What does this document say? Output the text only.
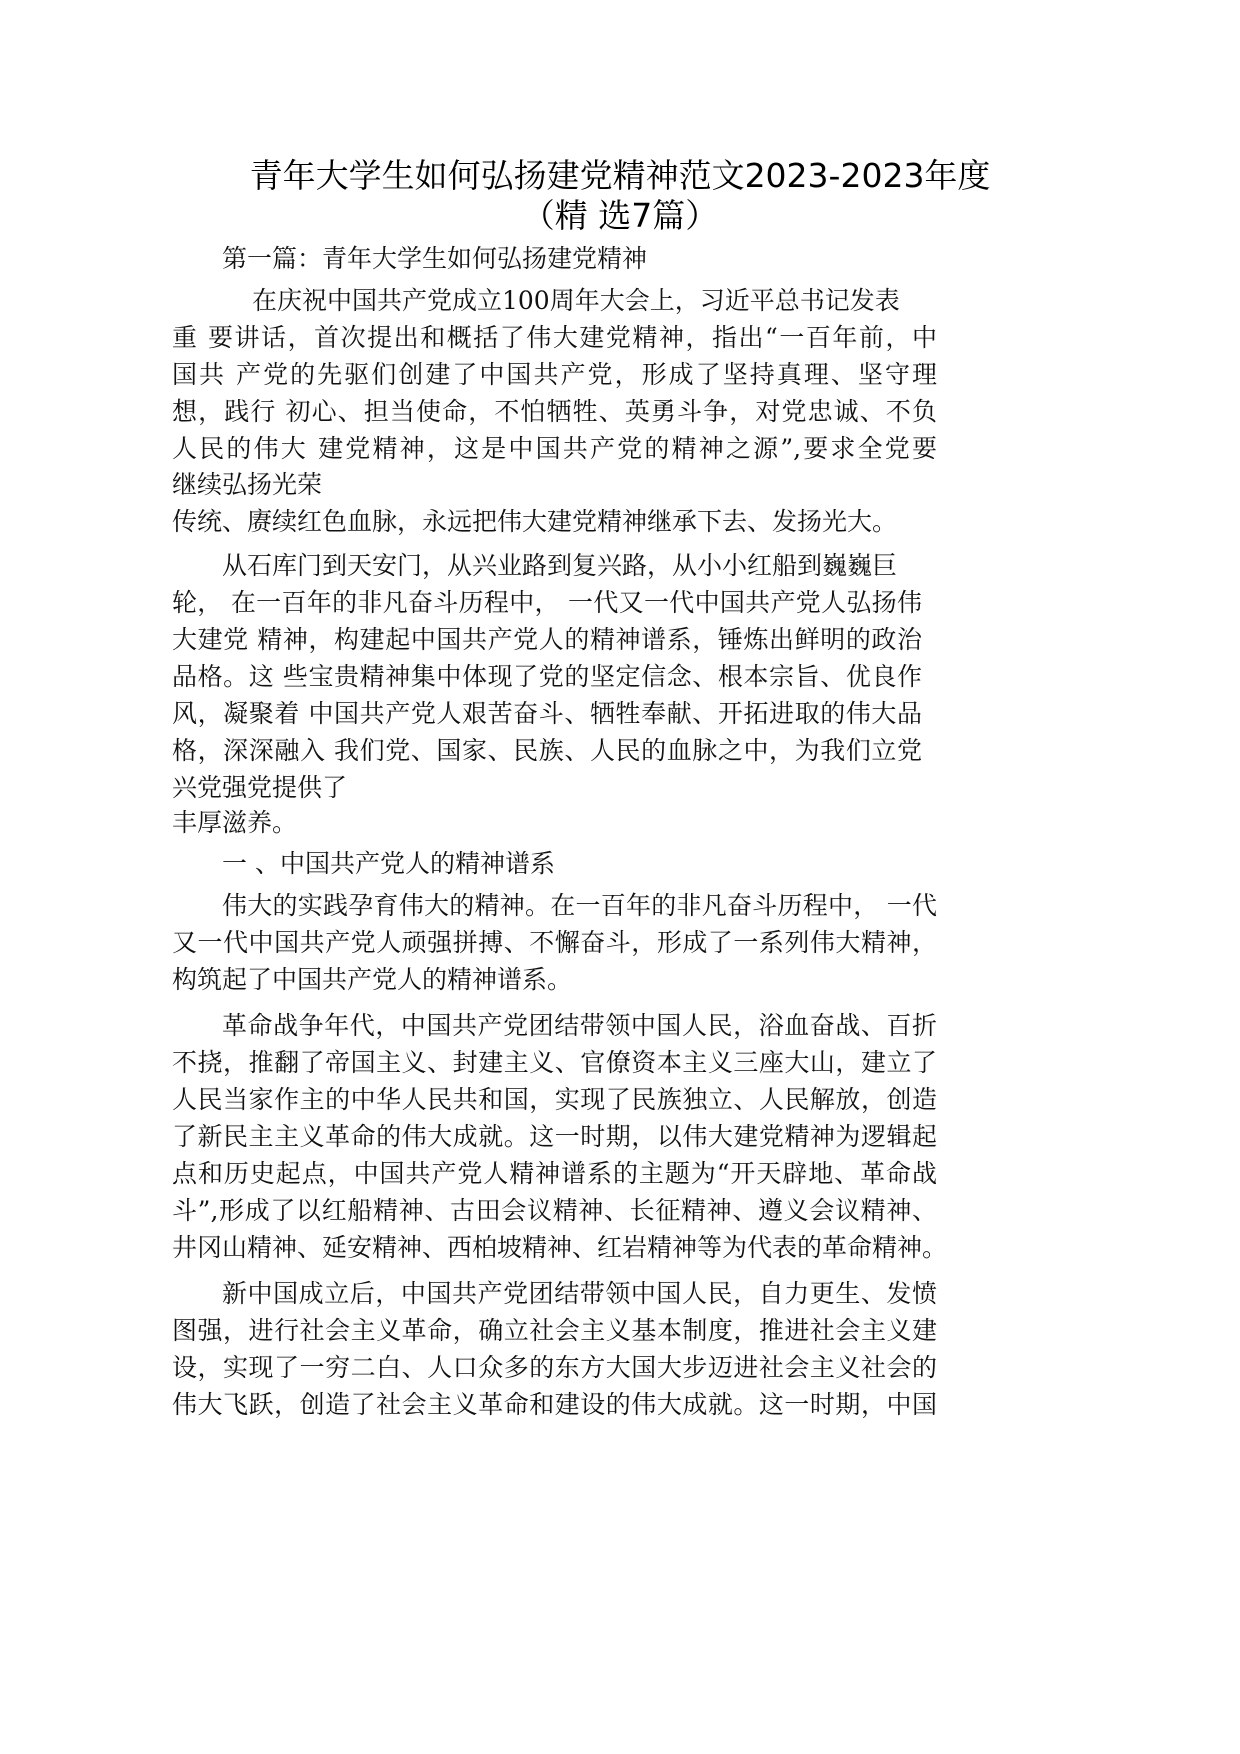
青年大学生如何弘扬建党精神范文2023-2023年度
（精 选7篇）
第一篇：青年大学生如何弘扬建党精神
在庆祝中国共产党成立100周年大会上，习近平总书记发表
重 要讲话，首次提出和概括了伟大建党精神，指出“一百年前，中
国共 产党的先驱们创建了中国共产党，形成了坚持真理、坚守理
想，践行 初心、担当使命，不怕牺牲、英勇斗争，对党忠诚、不负
人民的伟大 建党精神，这是中国共产党的精神之源”,要求全党要
继续弘扬光荣
传统、赓续红色血脉，永远把伟大建党精神继承下去、发扬光大。
从石库门到天安门，从兴业路到复兴路，从小小红船到巍巍巨
轮， 在一百年的非凡奋斗历程中， 一代又一代中国共产党人弘扬伟
大建党 精神，构建起中国共产党人的精神谱系，锤炼出鲜明的政治
品格。这 些宝贵精神集中体现了党的坚定信念、根本宗旨、优良作
风，凝聚着 中国共产党人艰苦奋斗、牺牲奉献、开拓进取的伟大品
格，深深融入 我们党、国家、民族、人民的血脉之中，为我们立党
兴党强党提供了
丰厚滋养。
一 、中国共产党人的精神谱系
伟大的实践孕育伟大的精神。在一百年的非凡奋斗历程中， 一代
又一代中国共产党人顽强拼搏、不懈奋斗，形成了一系列伟大精神，
构筑起了中国共产党人的精神谱系。
革命战争年代，中国共产党团结带领中国人民，浴血奋战、百折
不挠，推翻了帝国主义、封建主义、官僚资本主义三座大山，建立了
人民当家作主的中华人民共和国，实现了民族独立、人民解放，创造
了新民主主义革命的伟大成就。这一时期，以伟大建党精神为逻辑起
点和历史起点，中国共产党人精神谱系的主题为“开天辟地、革命战
斗”,形成了以红船精神、古田会议精神、长征精神、遵义会议精神、
井冈山精神、延安精神、西柏坡精神、红岩精神等为代表的革命精神。
新中国成立后，中国共产党团结带领中国人民，自力更生、发愤
图强，进行社会主义革命，确立社会主义基本制度，推进社会主义建
设，实现了一穷二白、人口众多的东方大国大步迈进社会主义社会的
伟大飞跃，创造了社会主义革命和建设的伟大成就。这一时期，中国
